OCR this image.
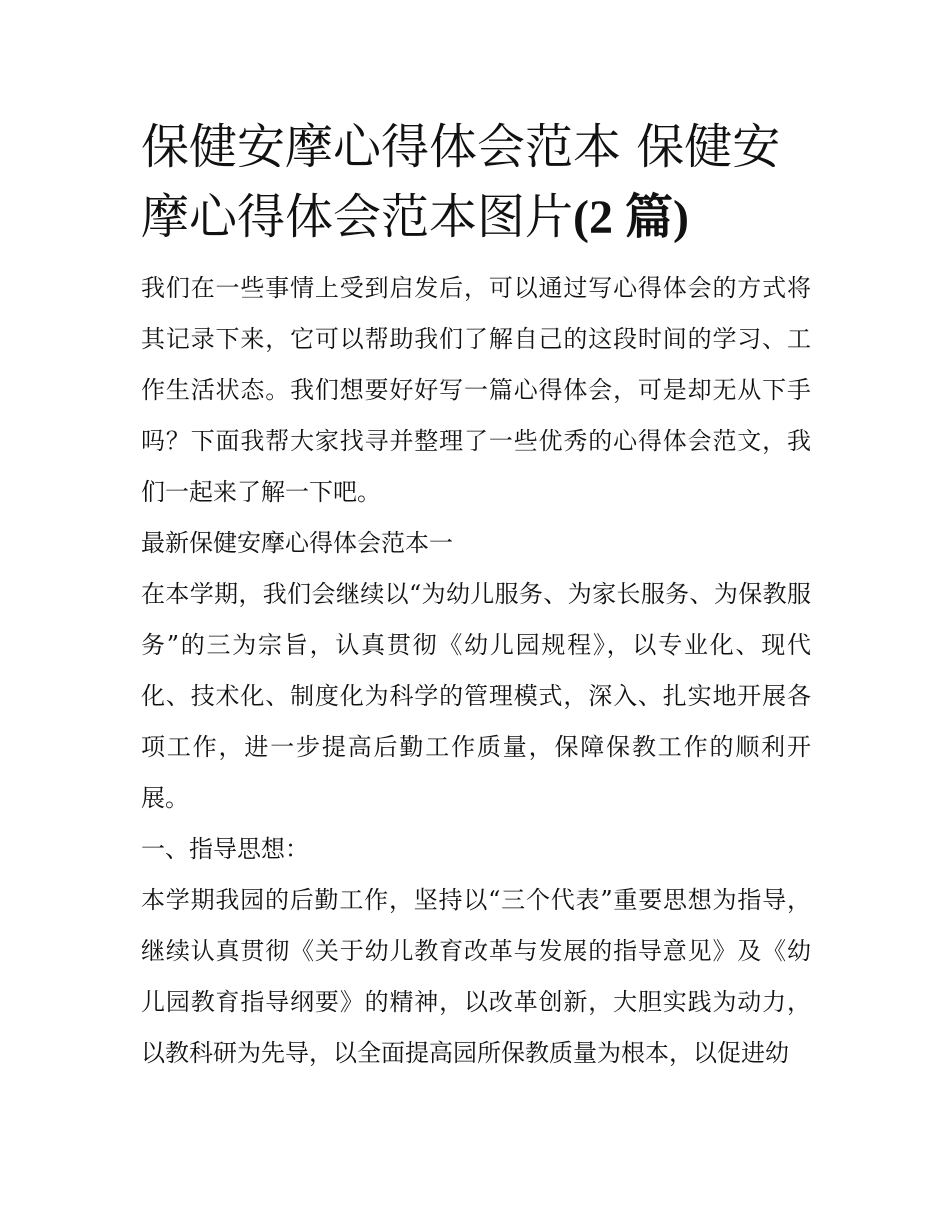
保健安摩心得体会范本 保健安摩心得体会范本图片(2 篇)

我们在一些事情上受到启发后，可以通过写心得体会的方式将其记录下来，它可以帮助我们了解自己的这段时间的学习、工作生活状态。我们想要好好写一篇心得体会，可是却无从下手吗？下面我帮大家找寻并整理了一些优秀的心得体会范文，我们一起来了解一下吧。

最新保健安摩心得体会范本一

在本学期，我们会继续以“为幼儿服务、为家长服务、为保教服务”的三为宗旨，认真贯彻《幼儿园规程》，以专业化、现代化、技术化、制度化为科学的管理模式，深入、扎实地开展各项工作，进一步提高后勤工作质量，保障保教工作的顺利开展。

一、指导思想：

本学期我园的后勤工作，坚持以“三个代表”重要思想为指导，继续认真贯彻《关于幼儿教育改革与发展的指导意见》及《幼儿园教育指导纲要》的精神，以改革创新，大胆实践为动力，以教科研为先导，以全面提高园所保教质量为根本，以促进幼
